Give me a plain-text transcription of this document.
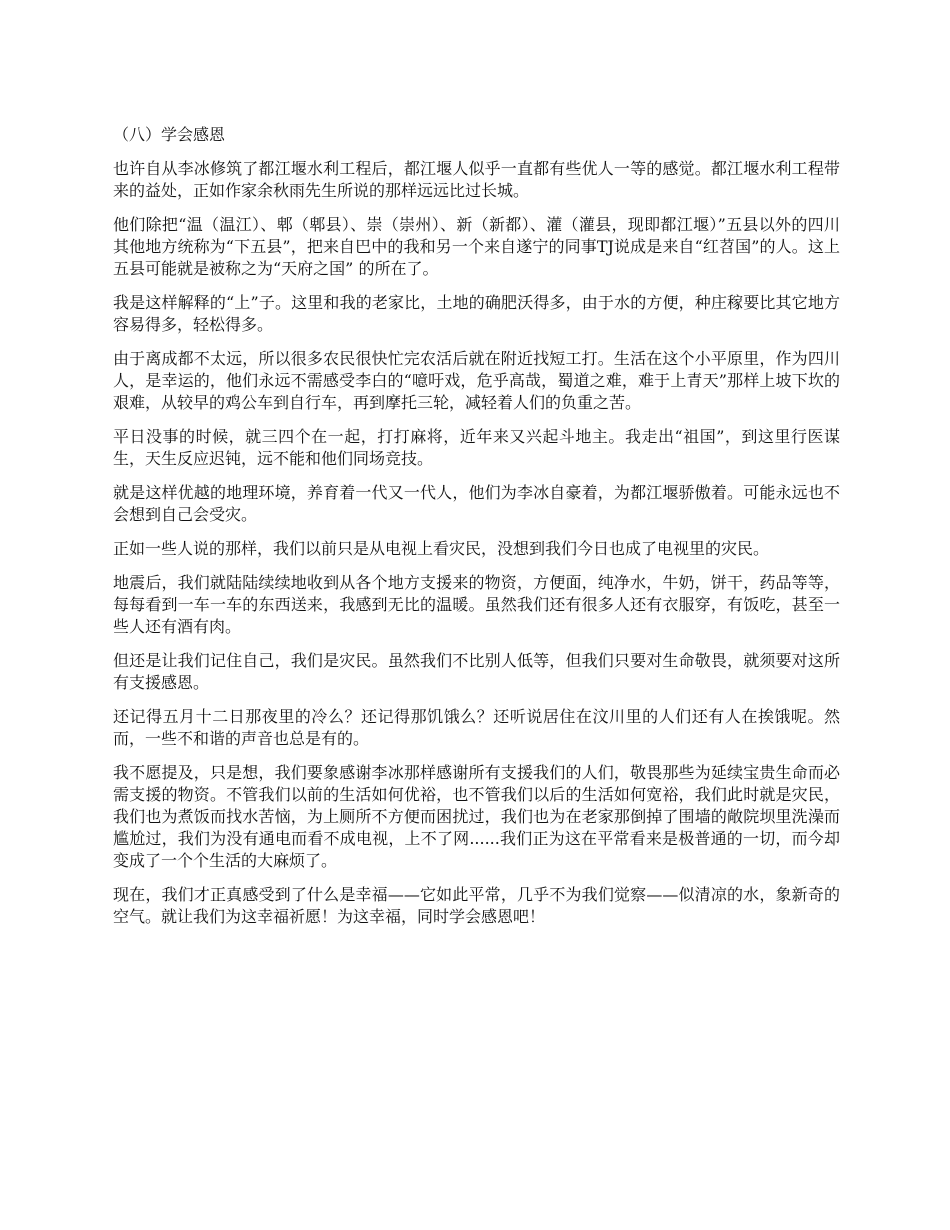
（八）学会感恩

也许自从李冰修筑了都江堰水利工程后，都江堰人似乎一直都有些优人一等的感觉。都江堰水利工程带来的益处，正如作家余秋雨先生所说的那样远远比过长城。

他们除把“温（温江）、郫（郫县）、崇（崇州）、新（新都）、灌（灌县，现即都江堰）”五县以外的四川其他地方统称为“下五县”，把来自巴中的我和另一个来自遂宁的同事TJ说成是来自“红苕国”的人。这上五县可能就是被称之为“天府之国” 的所在了。

我是这样解释的“上”子。这里和我的老家比，土地的确肥沃得多，由于水的方便，种庄稼要比其它地方容易得多，轻松得多。

由于离成都不太远，所以很多农民很快忙完农活后就在附近找短工打。生活在这个小平原里，作为四川人，是幸运的，他们永远不需感受李白的“噫吁戏，危乎高哉，蜀道之难，难于上青天”那样上坡下坎的艰难，从较早的鸡公车到自行车，再到摩托三轮，减轻着人们的负重之苦。

平日没事的时候，就三四个在一起，打打麻将，近年来又兴起斗地主。我走出“祖国”，到这里行医谋生，天生反应迟钝，远不能和他们同场竞技。

就是这样优越的地理环境，养育着一代又一代人，他们为李冰自豪着，为都江堰骄傲着。可能永远也不会想到自己会受灾。

正如一些人说的那样，我们以前只是从电视上看灾民，没想到我们今日也成了电视里的灾民。

地震后，我们就陆陆续续地收到从各个地方支援来的物资，方便面，纯净水，牛奶，饼干，药品等等，每每看到一车一车的东西送来，我感到无比的温暖。虽然我们还有很多人还有衣服穿，有饭吃，甚至一些人还有酒有肉。

但还是让我们记住自己，我们是灾民。虽然我们不比别人低等，但我们只要对生命敬畏，就须要对这所有支援感恩。

还记得五月十二日那夜里的冷么？还记得那饥饿么？还听说居住在汶川里的人们还有人在挨饿呢。然而，一些不和谐的声音也总是有的。

我不愿提及，只是想，我们要象感谢李冰那样感谢所有支援我们的人们，敬畏那些为延续宝贵生命而必需支援的物资。不管我们以前的生活如何优裕，也不管我们以后的生活如何宽裕，我们此时就是灾民，我们也为煮饭而找水苦恼，为上厕所不方便而困扰过，我们也为在老家那倒掉了围墙的敞院坝里洗澡而尴尬过，我们为没有通电而看不成电视，上不了网......我们正为这在平常看来是极普通的一切，而今却变成了一个个生活的大麻烦了。

现在，我们才正真感受到了什么是幸福——它如此平常，几乎不为我们觉察——似清凉的水，象新奇的空气。就让我们为这幸福祈愿！为这幸福，同时学会感恩吧！
